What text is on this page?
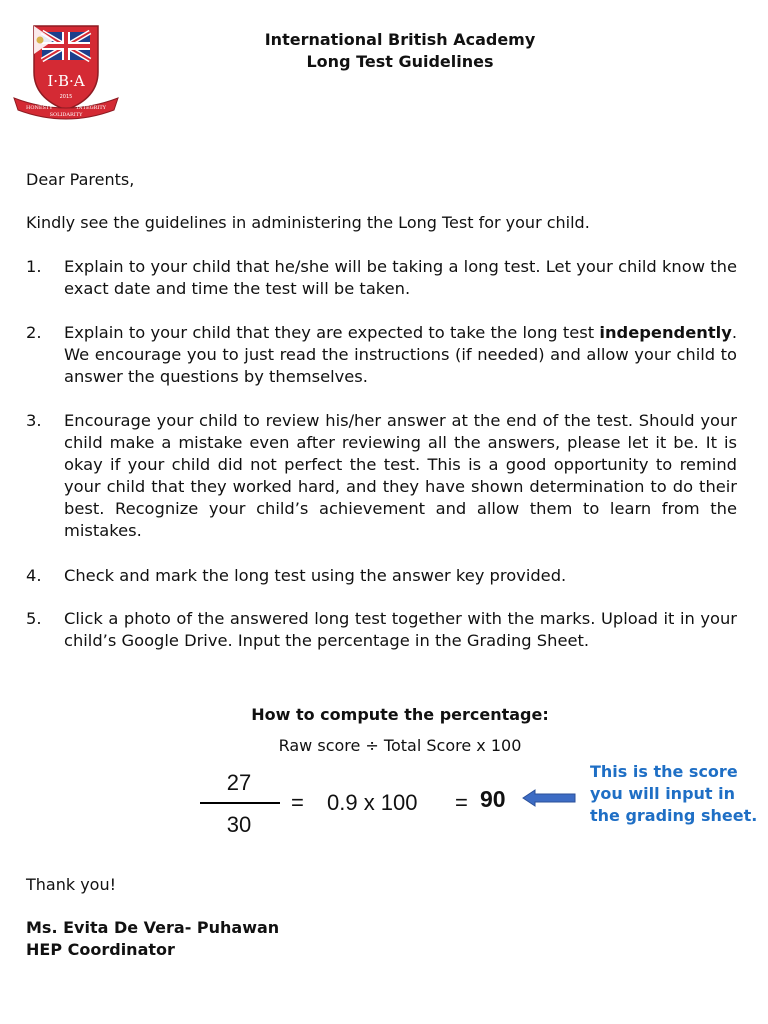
I·B·A
2015
HONESTY
SOLIDARITY
INTEGRITY
International British Academy
Long Test Guidelines
Dear Parents,
Kindly see the guidelines in administering the Long Test for your child.
1.	Explain to your child that he/she will be taking a long test. Let your child know the exact date and time the test will be taken.
2.	Explain to your child that they are expected to take the long test independently. We encourage you to just read the instructions (if needed) and allow your child to answer the questions by themselves.
3.	Encourage your child to review his/her answer at the end of the test. Should your child make a mistake even after reviewing all the answers, please let it be. It is okay if your child did not perfect the test. This is a good opportunity to remind your child that they worked hard, and they have shown determination to do their best. Recognize your child’s achievement and allow them to learn from the mistakes.
4.	Check and mark the long test using the answer key provided.
5.	Click a photo of the answered long test together with the marks. Upload it in your child’s Google Drive. Input the percentage in the Grading Sheet.
How to compute the percentage:
Raw score ÷ Total Score x 100
27
30
= 0.9 x 100 = 90
This is the score you will input in the grading sheet.
Thank you!
Ms. Evita De Vera- Puhawan
HEP Coordinator
